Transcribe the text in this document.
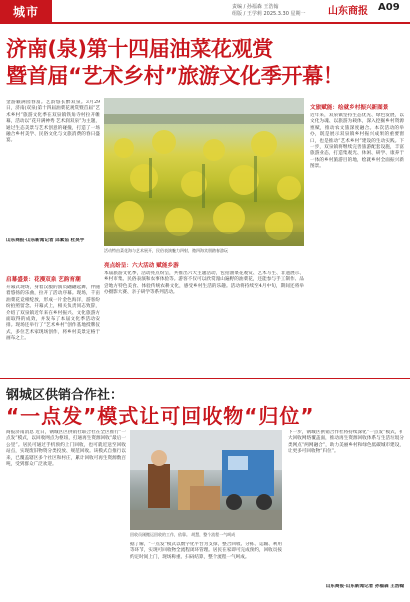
城市	责编 / 孙福森 王浩翰
组版 / 王学莉 2025.3.30 星期一	山东商报 A09
济南(泉)第十四届油菜花观赏
暨首届“艺术乡村”旅游文化季开幕！
金游颖满园春富。艺韵悠长醉双泉。3月29日，济南(双泉)第十四届油菜花观赏暨首届“艺术乡村”旅游文化季在双泉镇铁角寺村拉开帷幕，活动以“花开满神秀 艺术润双泉”为主题，通过生态美景与艺术创意的碰撞，打造了一场融合乡村美学、民俗文化与文旅消费的春日盛宴。
山东商报·山东新闻记者 邱素茹 杜昊宇
活动特由菜花海与艺术展开，民俗表演魅力四射，邀四海宾朋踏春游玩
文旅赋能：绘就乡村振兴新图景
近年来，双泉镇坚持生态优先、绿色发展，以文化为魂、以旅游为载体，深入挖掘乡村资源禀赋，推动农文旅深度融合。本次活动的举办，既是展示双泉镇乡村振兴成果的重要窗口，也是推动“艺术乡村”建设的生动实践。下一步，双泉镇将继续完善旅游配套设施，丰富旅游业态，打造集观光、休闲、研学、康养于一体的乡村旅游目的地，绘就乡村全面振兴新图景。
启幕盛景：花漫双泉 艺韵育潮
开幕式现场，身着汉服的演员翩翩起舞，伴随着悠扬的乐曲，拉开了活动序幕。现场，千亩油菜花竞相绽放，形成一片金色海洋，游客纷纷拍照留念。开幕式上，相关负责同志致辞，介绍了双泉镇近年来在乡村振兴、文化旅游方面取得的成效，并发布了本届文化季活动安排。现场还举行了“艺术乡村”创作基地授牌仪式，多位艺术家现场创作，将乡村美景定格于画布之上。
亮点纷呈：六大活动 赋能乡游
本届旅游文化季，活动亮点纷呈，共推出六大主题活动，包括油菜花观赏、艺术写生、非遗展示、乡村市集、民俗表演和农事体验等。游客不仅可以欣赏漫山遍野的油菜花，还能参与手工制作、品尝地方特色美食、体验传统农耕文化，感受乡村生活的乐趣。活动将持续至4月中旬，期间还将举办摄影大赛、亲子研学等系列活动。
钢城区供销合作社：
“一点发”模式让可回收物“归位”
商报济南消息 近日，钢城区区供销社联合社在全区推行“一点发”模式，以回收网点为枢纽，打通再生资源回收“最后一公里”。居民可通过手机预约上门回收，也可就近送至回收站点，实现废旧物资分类投放、规范回收。该模式自推行以来，已覆盖辖区多个社区和村庄，累计回收可再生资源数百吨，受到群众广泛欢迎。
回收员刚搬运回收的工作，依靠。 胡慧，整个流程一气呵成
据了解，“一点发”模式以数字化平台为支撑，整合回收、分拣、运输、利用等环节，实现可回收物全流程闭环管理。居民在家即可完成预约，回收员按约定时间上门，现场称重、扫码结算，整个流程一气呵成。
下一步，钢城区供销合作社将持续深化“一点发”模式，扩大回收网络覆盖面，推动再生资源回收体系与生活垃圾分类网点“两网融合”，助力美丽乡村和绿色低碳城市建设，让更多可回收物“归位”。
山东商报·山东新闻记者 孙福森 王浩翰
